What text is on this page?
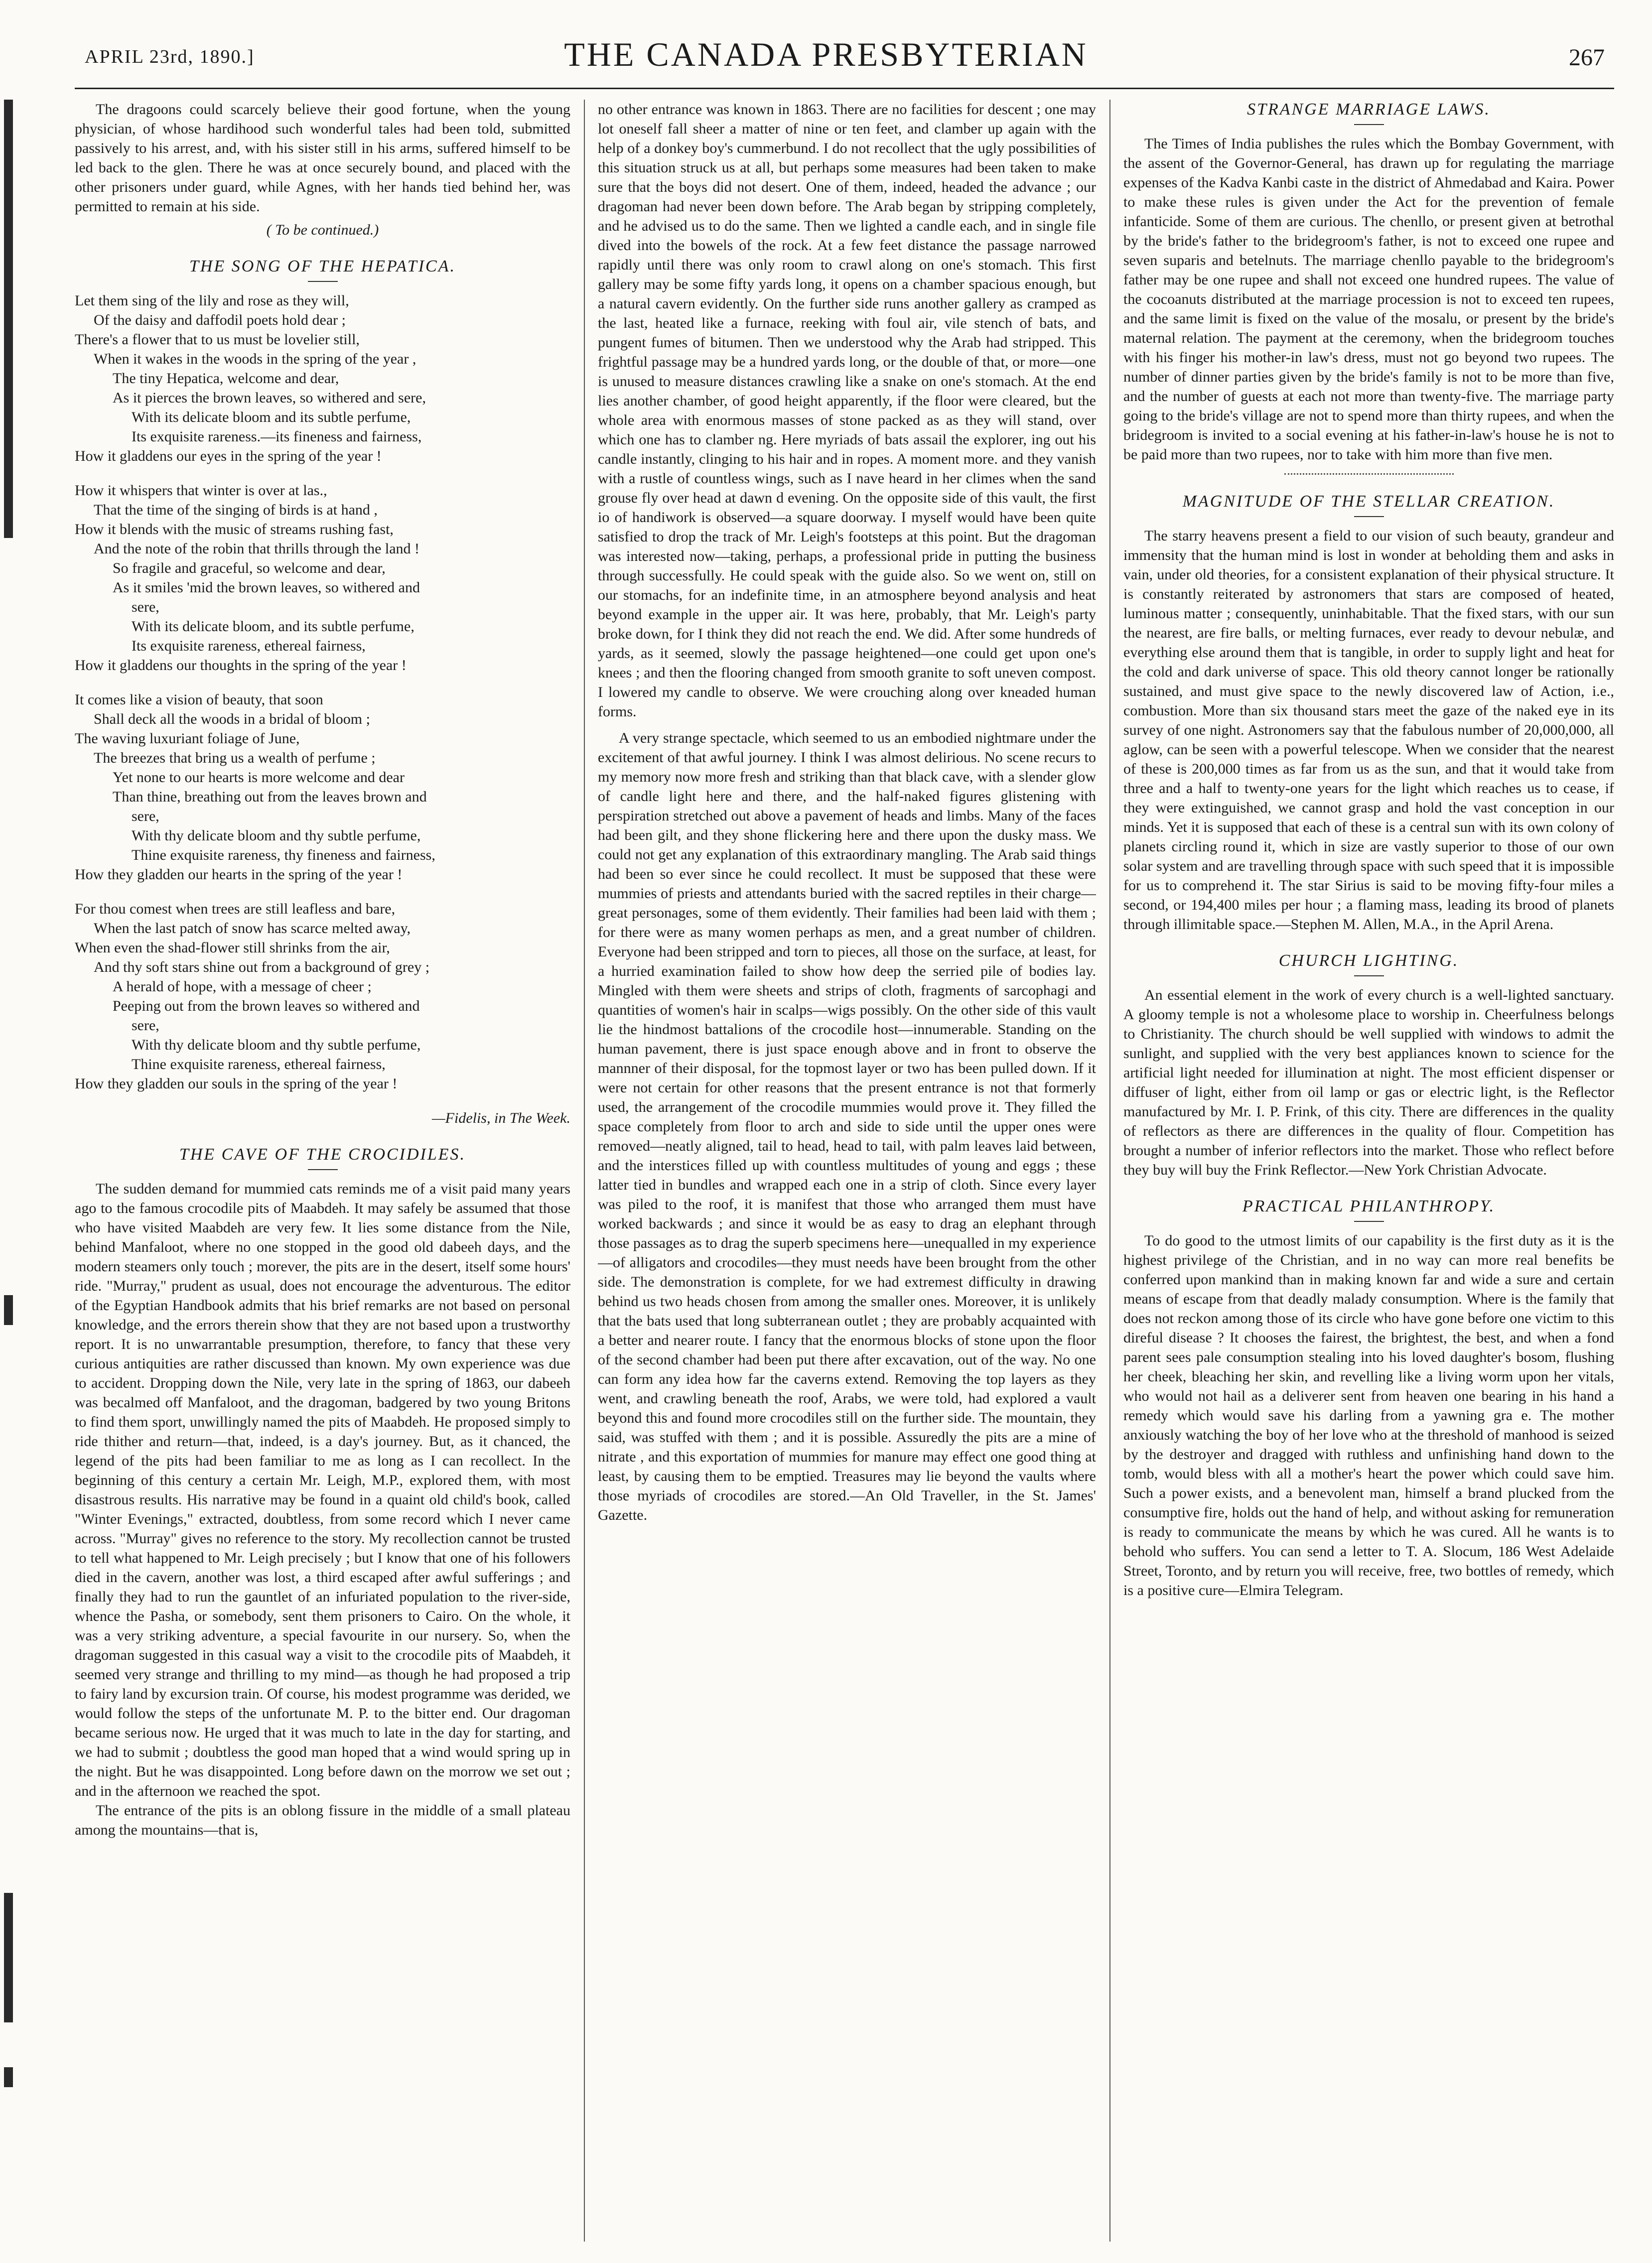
APRIL 23rd, 1890.]	THE CANADA PRESBYTERIAN	267

The dragoons could scarcely believe their good fortune, when the young physician, of whose hardihood such wonderful tales had been told, submitted passively to his arrest, and, with his sister still in his arms, suffered himself to be led back to the glen. There he was at once securely bound, and placed with the other prisoners under guard, while Agnes, with her hands tied behind her, was permitted to remain at his side.

( To be continued.)

THE SONG OF THE HEPATICA.
Let them sing of the lily and rose as they will,
Of the daisy and daffodil poets hold dear ;
There's a flower that to us must be lovelier still,
When it wakes in the woods in the spring of the year ,
The tiny Hepatica, welcome and dear,
As it pierces the brown leaves, so withered and sere,
With its delicate bloom and its subtle perfume,
Its exquisite rareness.—its fineness and fairness,
How it gladdens our eyes in the spring of the year !
How it whispers that winter is over at las.,
That the time of the singing of birds is at hand ,
How it blends with the music of streams rushing fast,
And the note of the robin that thrills through the land !
So fragile and graceful, so welcome and dear,
As it smiles 'mid the brown leaves, so withered and
sere,
With its delicate bloom, and its subtle perfume,
Its exquisite rareness, ethereal fairness,
How it gladdens our thoughts in the spring of the year !
It comes like a vision of beauty, that soon
Shall deck all the woods in a bridal of bloom ;
The waving luxuriant foliage of June,
The breezes that bring us a wealth of perfume ;
Yet none to our hearts is more welcome and dear
Than thine, breathing out from the leaves brown and
sere,
With thy delicate bloom and thy subtle perfume,
Thine exquisite rareness, thy fineness and fairness,
How they gladden our hearts in the spring of the year !
For thou comest when trees are still leafless and bare,
When the last patch of snow has scarce melted away,
When even the shad-flower still shrinks from the air,
And thy soft stars shine out from a background of grey ;
A herald of hope, with a message of cheer ;
Peeping out from the brown leaves so withered and
sere,
With thy delicate bloom and thy subtle perfume,
Thine exquisite rareness, ethereal fairness,
How they gladden our souls in the spring of the year !

—Fidelis, in The Week.

THE CAVE OF THE CROCIDILES.

The sudden demand for mummied cats reminds me of a visit paid many years ago to the famous crocodile pits of Maabdeh. It may safely be assumed that those who have visited Maabdeh are very few. It lies some distance from the Nile, behind Manfaloot, where no one stopped in the good old dabeeh days, and the modern steamers only touch ; morever, the pits are in the desert, itself some hours' ride. "Murray," prudent as usual, does not encourage the adventurous. The editor of the Egyptian Handbook admits that his brief remarks are not based on personal knowledge, and the errors therein show that they are not based upon a trustworthy report. It is no unwarrantable presumption, therefore, to fancy that these very curious antiquities are rather discussed than known. My own experience was due to accident. Dropping down the Nile, very late in the spring of 1863, our dabeeh was becalmed off Manfaloot, and the dragoman, badgered by two young Britons to find them sport, unwillingly named the pits of Maabdeh. He proposed simply to ride thither and return—that, indeed, is a day's journey. But, as it chanced, the legend of the pits had been familiar to me as long as I can recollect. In the beginning of this century a certain Mr. Leigh, M.P., explored them, with most disastrous results. His narrative may be found in a quaint old child's book, called "Winter Evenings," extracted, doubtless, from some record which I never came across. "Murray" gives no reference to the story. My recollection cannot be trusted to tell what happened to Mr. Leigh precisely ; but I know that one of his followers died in the cavern, another was lost, a third escaped after awful sufferings ; and finally they had to run the gauntlet of an infuriated population to the river-side, whence the Pasha, or somebody, sent them prisoners to Cairo. On the whole, it was a very striking adventure, a special favourite in our nursery. So, when the dragoman suggested in this casual way a visit to the crocodile pits of Maabdeh, it seemed very strange and thrilling to my mind—as though he had proposed a trip to fairy land by excursion train. Of course, his modest programme was derided, we would follow the steps of the unfortunate M. P. to the bitter end. Our dragoman became serious now. He urged that it was much to late in the day for starting, and we had to submit ; doubtless the good man hoped that a wind would spring up in the night. But he was disappointed. Long before dawn on the morrow we set out ; and in the afternoon we reached the spot.

The entrance of the pits is an oblong fissure in the middle of a small plateau among the mountains—that is,

no other entrance was known in 1863. There are no facilities for descent ; one may lot oneself fall sheer a matter of nine or ten feet, and clamber up again with the help of a donkey boy's cummerbund. I do not recollect that the ugly possibilities of this situation struck us at all, but perhaps some measures had been taken to make sure that the boys did not desert. One of them, indeed, headed the advance ; our dragoman had never been down before. The Arab began by stripping completely, and he advised us to do the same. Then we lighted a candle each, and in single file dived into the bowels of the rock. At a few feet distance the passage narrowed rapidly until there was only room to crawl along on one's stomach. This first gallery may be some fifty yards long, it opens on a chamber spacious enough, but a natural cavern evidently. On the further side runs another gallery as cramped as the last, heated like a furnace, reeking with foul air, vile stench of bats, and pungent fumes of bitumen. Then we understood why the Arab had stripped. This frightful passage may be a hundred yards long, or the double of that, or more—one is unused to measure distances crawling like a snake on one's stomach. At the end lies another chamber, of good height apparently, if the floor were cleared, but the whole area with enormous masses of stone packed as as they will stand, over which one has to clamber ng. Here myriads of bats assail the explorer, ing out his candle instantly, clinging to his hair and in ropes. A moment more. and they vanish with a rustle of countless wings, such as I nave heard in her climes when the sand grouse fly over head at dawn d evening. On the opposite side of this vault, the first io of handiwork is observed—a square doorway. I myself would have been quite satisfied to drop the track of Mr. Leigh's footsteps at this point. But the dragoman was interested now—taking, perhaps, a professional pride in putting the business through successfully. He could speak with the guide also. So we went on, still on our stomachs, for an indefinite time, in an atmosphere beyond analysis and heat beyond example in the upper air. It was here, probably, that Mr. Leigh's party broke down, for I think they did not reach the end. We did. After some hundreds of yards, as it seemed, slowly the passage heightened—one could get upon one's knees ; and then the flooring changed from smooth granite to soft uneven compost. I lowered my candle to observe. We were crouching along over kneaded human forms.

A very strange spectacle, which seemed to us an embodied nightmare under the excitement of that awful journey. I think I was almost delirious. No scene recurs to my memory now more fresh and striking than that black cave, with a slender glow of candle light here and there, and the half-naked figures glistening with perspiration stretched out above a pavement of heads and limbs. Many of the faces had been gilt, and they shone flickering here and there upon the dusky mass. We could not get any explanation of this extraordinary mangling. The Arab said things had been so ever since he could recollect. It must be supposed that these were mummies of priests and attendants buried with the sacred reptiles in their charge—great personages, some of them evidently. Their families had been laid with them ; for there were as many women perhaps as men, and a great number of children. Everyone had been stripped and torn to pieces, all those on the surface, at least, for a hurried examination failed to show how deep the serried pile of bodies lay. Mingled with them were sheets and strips of cloth, fragments of sarcophagi and quantities of women's hair in scalps—wigs possibly. On the other side of this vault lie the hindmost battalions of the crocodile host—innumerable. Standing on the human pavement, there is just space enough above and in front to observe the mannner of their disposal, for the topmost layer or two has been pulled down. If it were not certain for other reasons that the present entrance is not that formerly used, the arrangement of the crocodile mummies would prove it. They filled the space completely from floor to arch and side to side until the upper ones were removed—neatly aligned, tail to head, head to tail, with palm leaves laid between, and the interstices filled up with countless multitudes of young and eggs ; these latter tied in bundles and wrapped each one in a strip of cloth. Since every layer was piled to the roof, it is manifest that those who arranged them must have worked backwards ; and since it would be as easy to drag an elephant through those passages as to drag the superb specimens here—unequalled in my experience—of alligators and crocodiles—they must needs have been brought from the other side. The demonstration is complete, for we had extremest difficulty in drawing behind us two heads chosen from among the smaller ones. Moreover, it is unlikely that the bats used that long subterranean outlet ; they are probably acquainted with a better and nearer route. I fancy that the enormous blocks of stone upon the floor of the second chamber had been put there after excavation, out of the way. No one can form any idea how far the caverns extend. Removing the top layers as they went, and crawling beneath the roof, Arabs, we were told, had explored a vault beyond this and found more crocodiles still on the further side. The mountain, they said, was stuffed with them ; and it is possible. Assuredly the pits are a mine of nitrate , and this exportation of mummies for manure may effect one good thing at least, by causing them to be emptied. Treasures may lie beyond the vaults where those myriads of crocodiles are stored.—An Old Traveller, in the St. James' Gazette.

STRANGE MARRIAGE LAWS.

The Times of India publishes the rules which the Bombay Government, with the assent of the Governor-General, has drawn up for regulating the marriage expenses of the Kadva Kanbi caste in the district of Ahmedabad and Kaira. Power to make these rules is given under the Act for the prevention of female infanticide. Some of them are curious. The chenllo, or present given at betrothal by the bride's father to the bridegroom's father, is not to exceed one rupee and seven suparis and betelnuts. The marriage chenllo payable to the bridegroom's father may be one rupee and shall not exceed one hundred rupees. The value of the cocoanuts distributed at the marriage procession is not to exceed ten rupees, and the same limit is fixed on the value of the mosalu, or present by the bride's maternal relation. The payment at the ceremony, when the bridegroom touches with his finger his mother-in law's dress, must not go beyond two rupees. The number of dinner parties given by the bride's family is not to be more than five, and the number of guests at each not more than twenty-five. The marriage party going to the bride's village are not to spend more than thirty rupees, and when the bridegroom is invited to a social evening at his father-in-law's house he is not to be paid more than two rupees, nor to take with him more than five men.

MAGNITUDE OF THE STELLAR CREATION.

The starry heavens present a field to our vision of such beauty, grandeur and immensity that the human mind is lost in wonder at beholding them and asks in vain, under old theories, for a consistent explanation of their physical structure. It is constantly reiterated by astronomers that stars are composed of heated, luminous matter ; consequently, uninhabitable. That the fixed stars, with our sun the nearest, are fire balls, or melting furnaces, ever ready to devour nebulæ, and everything else around them that is tangible, in order to supply light and heat for the cold and dark universe of space. This old theory cannot longer be rationally sustained, and must give space to the newly discovered law of Action, i.e., combustion. More than six thousand stars meet the gaze of the naked eye in its survey of one night. Astronomers say that the fabulous number of 20,000,000, all aglow, can be seen with a powerful telescope. When we consider that the nearest of these is 200,000 times as far from us as the sun, and that it would take from three and a half to twenty-one years for the light which reaches us to cease, if they were extinguished, we cannot grasp and hold the vast conception in our minds. Yet it is supposed that each of these is a central sun with its own colony of planets circling round it, which in size are vastly superior to those of our own solar system and are travelling through space with such speed that it is impossible for us to comprehend it. The star Sirius is said to be moving fifty-four miles a second, or 194,400 miles per hour ; a flaming mass, leading its brood of planets through illimitable space.—Stephen M. Allen, M.A., in the April Arena.

CHURCH LIGHTING.

An essential element in the work of every church is a well-lighted sanctuary. A gloomy temple is not a wholesome place to worship in. Cheerfulness belongs to Christianity. The church should be well supplied with windows to admit the sunlight, and supplied with the very best appliances known to science for the artificial light needed for illumination at night. The most efficient dispenser or diffuser of light, either from oil lamp or gas or electric light, is the Reflector manufactured by Mr. I. P. Frink, of this city. There are differences in the quality of reflectors as there are differences in the quality of flour. Competition has brought a number of inferior reflectors into the market. Those who reflect before they buy will buy the Frink Reflector.—New York Christian Advocate.

PRACTICAL PHILANTHROPY.

To do good to the utmost limits of our capability is the first duty as it is the highest privilege of the Christian, and in no way can more real benefits be conferred upon mankind than in making known far and wide a sure and certain means of escape from that deadly malady consumption. Where is the family that does not reckon among those of its circle who have gone before one victim to this direful disease ? It chooses the fairest, the brightest, the best, and when a fond parent sees pale consumption stealing into his loved daughter's bosom, flushing her cheek, bleaching her skin, and revelling like a living worm upon her vitals, who would not hail as a deliverer sent from heaven one bearing in his hand a remedy which would save his darling from a yawning gra e. The mother anxiously watching the boy of her love who at the threshold of manhood is seized by the destroyer and dragged with ruthless and unfinishing hand down to the tomb, would bless with all a mother's heart the power which could save him. Such a power exists, and a benevolent man, himself a brand plucked from the consumptive fire, holds out the hand of help, and without asking for remuneration is ready to communicate the means by which he was cured. All he wants is to behold who suffers. You can send a letter to T. A. Slocum, 186 West Adelaide Street, Toronto, and by return you will receive, free, two bottles of remedy, which is a positive cure—Elmira Telegram.
